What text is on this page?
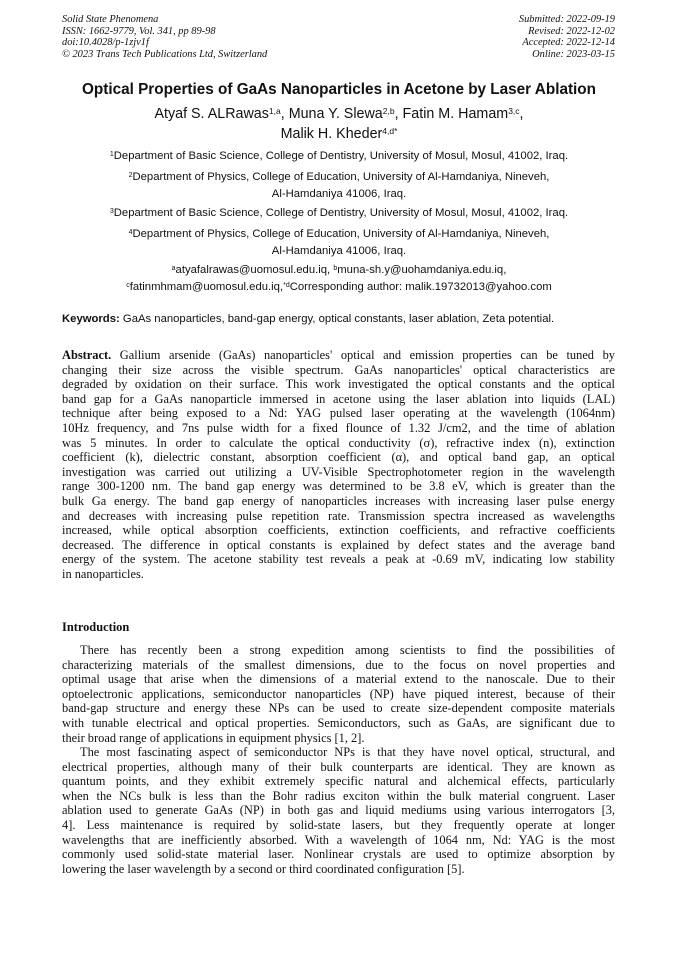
Solid State Phenomena
ISSN: 1662-9779, Vol. 341, pp 89-98
doi:10.4028/p-1zjv1f
© 2023 Trans Tech Publications Ltd, Switzerland
Submitted: 2022-09-19
Revised: 2022-12-02
Accepted: 2022-12-14
Online: 2023-03-15
Optical Properties of GaAs Nanoparticles in Acetone by Laser Ablation
Atyaf S. ALRawas$^{1,a}$, Muna Y. Slewa$^{2,b}$, Fatin M. Hamam$^{3,c}$,
Malik H. Kheder$^{4,d*}$
$^1$Department of Basic Science, College of Dentistry, University of Mosul, Mosul, 41002, Iraq.
$^2$Department of Physics, College of Education, University of Al-Hamdaniya, Nineveh,
Al-Hamdaniya 41006, Iraq.
$^3$Department of Basic Science, College of Dentistry, University of Mosul, Mosul, 41002, Iraq.
$^4$Department of Physics, College of Education, University of Al-Hamdaniya, Nineveh,
Al-Hamdaniya 41006, Iraq.
$^a$atyafalrawas@uomosul.edu.iq, $^b$muna-sh.y@uohamdaniya.edu.iq,
$^c$fatinmhmam@uomosul.edu.iq,$^{*d}$Corresponding author: malik.19732013@yahoo.com
Keywords: GaAs nanoparticles, band-gap energy, optical constants, laser ablation, Zeta potential.
Abstract. Gallium arsenide (GaAs) nanoparticles' optical and emission properties can be tuned by
changing their size across the visible spectrum. GaAs nanoparticles' optical characteristics are
degraded by oxidation on their surface. This work investigated the optical constants and the optical
band gap for a GaAs nanoparticle immersed in acetone using the laser ablation into liquids (LAL)
technique after being exposed to a Nd: YAG pulsed laser operating at the wavelength (1064nm)
10Hz frequency, and 7ns pulse width for a fixed flounce of 1.32 J/cm2, and the time of ablation
was 5 minutes. In order to calculate the optical conductivity (σ), refractive index (n), extinction
coefficient (k), dielectric constant, absorption coefficient (α), and optical band gap, an optical
investigation was carried out utilizing a UV-Visible Spectrophotometer region in the wavelength
range 300-1200 nm. The band gap energy was determined to be 3.8 eV, which is greater than the
bulk Ga energy. The band gap energy of nanoparticles increases with increasing laser pulse energy
and decreases with increasing pulse repetition rate. Transmission spectra increased as wavelengths
increased, while optical absorption coefficients, extinction coefficients, and refractive coefficients
decreased. The difference in optical constants is explained by defect states and the average band
energy of the system. The acetone stability test reveals a peak at -0.69 mV, indicating low stability
in nanoparticles.
Introduction
There has recently been a strong expedition among scientists to find the possibilities of
characterizing materials of the smallest dimensions, due to the focus on novel properties and
optimal usage that arise when the dimensions of a material extend to the nanoscale. Due to their
optoelectronic applications, semiconductor nanoparticles (NP) have piqued interest, because of their
band-gap structure and energy these NPs can be used to create size-dependent composite materials
with tunable electrical and optical properties. Semiconductors, such as GaAs, are significant due to
their broad range of applications in equipment physics [1, 2].
The most fascinating aspect of semiconductor NPs is that they have novel optical, structural, and
electrical properties, although many of their bulk counterparts are identical. They are known as
quantum points, and they exhibit extremely specific natural and alchemical effects, particularly
when the NCs bulk is less than the Bohr radius exciton within the bulk material congruent. Laser
ablation used to generate GaAs (NP) in both gas and liquid mediums using various interrogators [3,
4]. Less maintenance is required by solid-state lasers, but they frequently operate at longer
wavelengths that are inefficiently absorbed. With a wavelength of 1064 nm, Nd: YAG is the most
commonly used solid-state material laser. Nonlinear crystals are used to optimize absorption by
lowering the laser wavelength by a second or third coordinated configuration [5].
